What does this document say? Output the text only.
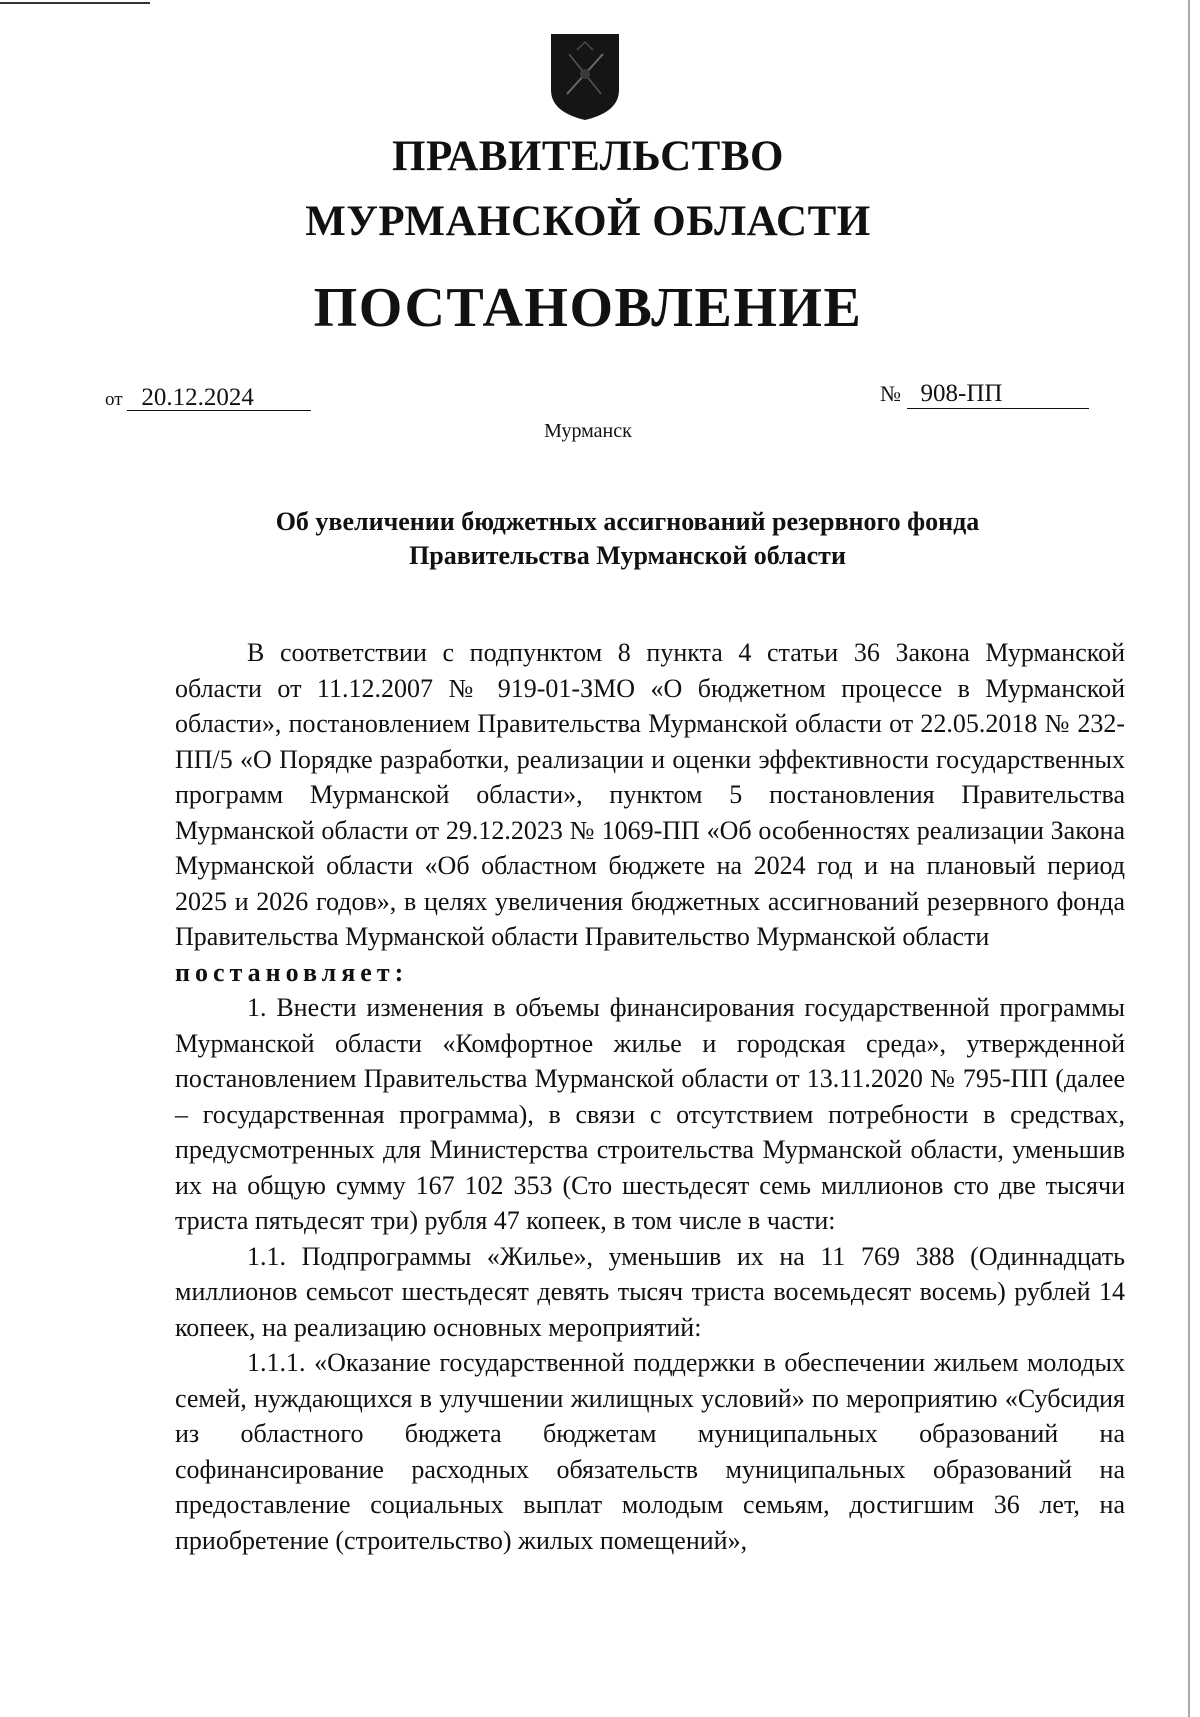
ПРАВИТЕЛЬСТВО
МУРМАНСКОЙ ОБЛАСТИ
ПОСТАНОВЛЕНИЕ
от 20.12.2024	№ 908-ПП
Мурманск
Об увеличении бюджетных ассигнований резервного фонда
Правительства Мурманской области

В соответствии с подпунктом 8 пункта 4 статьи 36 Закона Мурманской области от 11.12.2007 № 919-01-ЗМО «О бюджетном процессе в Мурманской области», постановлением Правительства Мурманской области от 22.05.2018 № 232-ПП/5 «О Порядке разработки, реализации и оценки эффективности государственных программ Мурманской области», пунктом 5 постановления Правительства Мурманской области от 29.12.2023 № 1069-ПП «Об особенностях реализации Закона Мурманской области «Об областном бюджете на 2024 год и на плановый период 2025 и 2026 годов», в целях увеличения бюджетных ассигнований резервного фонда Правительства Мурманской области Правительство Мурманской области

постановляет:

1. Внести изменения в объемы финансирования государственной программы Мурманской области «Комфортное жилье и городская среда», утвержденной постановлением Правительства Мурманской области от 13.11.2020 № 795-ПП (далее – государственная программа), в связи с отсутствием потребности в средствах, предусмотренных для Министерства строительства Мурманской области, уменьшив их на общую сумму 167 102 353 (Сто шестьдесят семь миллионов сто две тысячи триста пятьдесят три) рубля 47 копеек, в том числе в части:

1.1. Подпрограммы «Жилье», уменьшив их на 11 769 388 (Одиннадцать миллионов семьсот шестьдесят девять тысяч триста восемьдесят восемь) рублей 14 копеек, на реализацию основных мероприятий:

1.1.1. «Оказание государственной поддержки в обеспечении жильем молодых семей, нуждающихся в улучшении жилищных условий» по мероприятию «Субсидия из областного бюджета бюджетам муниципальных образований на софинансирование расходных обязательств муниципальных образований на предоставление социальных выплат молодым семьям, достигшим 36 лет, на приобретение (строительство) жилых помещений»,
